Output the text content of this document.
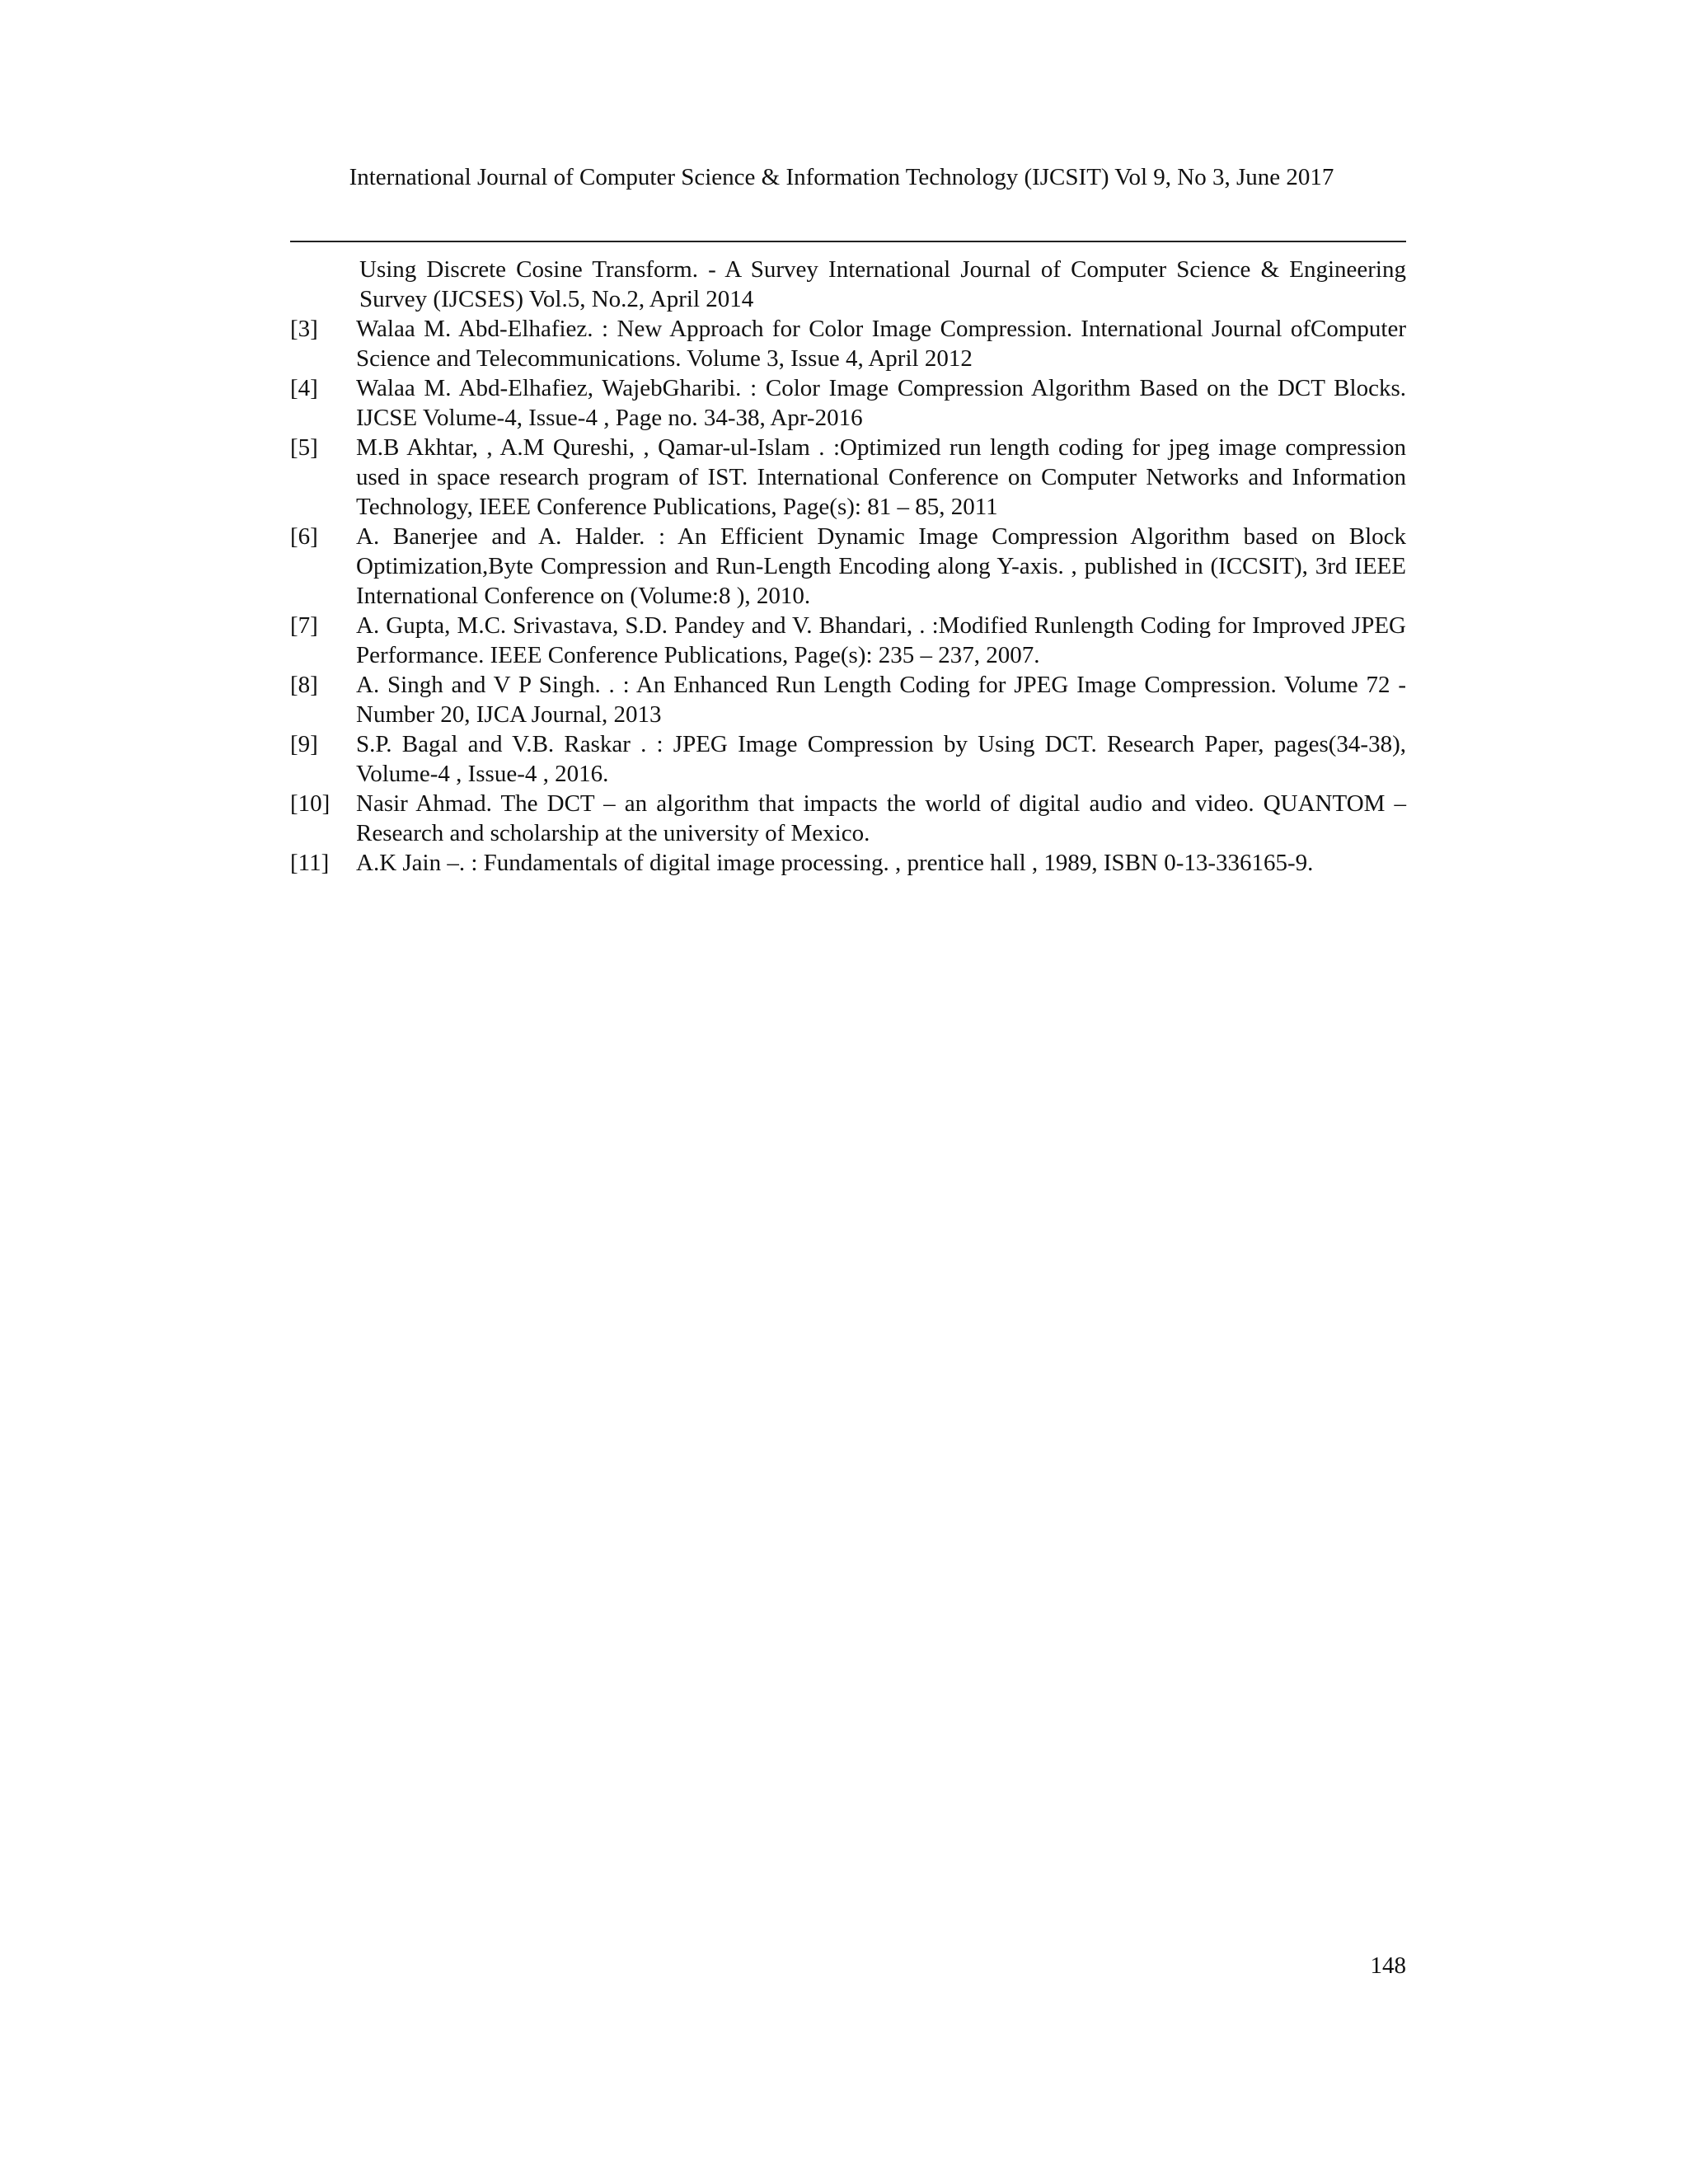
International Journal of Computer Science & Information Technology (IJCSIT) Vol 9, No 3, June 2017
Using Discrete Cosine Transform. - A Survey International Journal of Computer Science & Engineering Survey (IJCSES) Vol.5, No.2, April 2014
[3]	Walaa M. Abd-Elhafiez. : New Approach for Color Image Compression. International Journal ofComputer Science and Telecommunications. Volume 3, Issue 4, April 2012
[4]	Walaa M. Abd-Elhafiez, WajebGharibi. : Color Image Compression Algorithm Based on the DCT Blocks. IJCSE Volume-4, Issue-4 , Page no. 34-38, Apr-2016
[5]	M.B Akhtar, , A.M Qureshi, , Qamar-ul-Islam . :Optimized run length coding for jpeg image compression used in space research program of IST. International Conference on Computer Networks and Information Technology, IEEE Conference Publications, Page(s): 81 – 85, 2011
[6]	A. Banerjee and A. Halder. : An Efficient Dynamic Image Compression Algorithm based on Block Optimization,Byte Compression and Run-Length Encoding along Y-axis. , published in (ICCSIT), 3rd IEEE International Conference on (Volume:8 ), 2010.
[7]	A. Gupta, M.C. Srivastava, S.D. Pandey and V. Bhandari, . :Modified Runlength Coding for Improved JPEG Performance. IEEE Conference Publications, Page(s): 235 – 237, 2007.
[8]	A. Singh and V P Singh. . : An Enhanced Run Length Coding for JPEG Image Compression. Volume 72 - Number 20, IJCA Journal, 2013
[9]	S.P. Bagal and V.B. Raskar . : JPEG Image Compression by Using DCT. Research Paper, pages(34-38), Volume-4 , Issue-4 , 2016.
[10]	Nasir Ahmad. The DCT – an algorithm that impacts the world of digital audio and video. QUANTOM – Research and scholarship at the university of Mexico.
[11]	A.K Jain –. : Fundamentals of digital image processing. , prentice hall , 1989, ISBN 0-13-336165-9.
148
